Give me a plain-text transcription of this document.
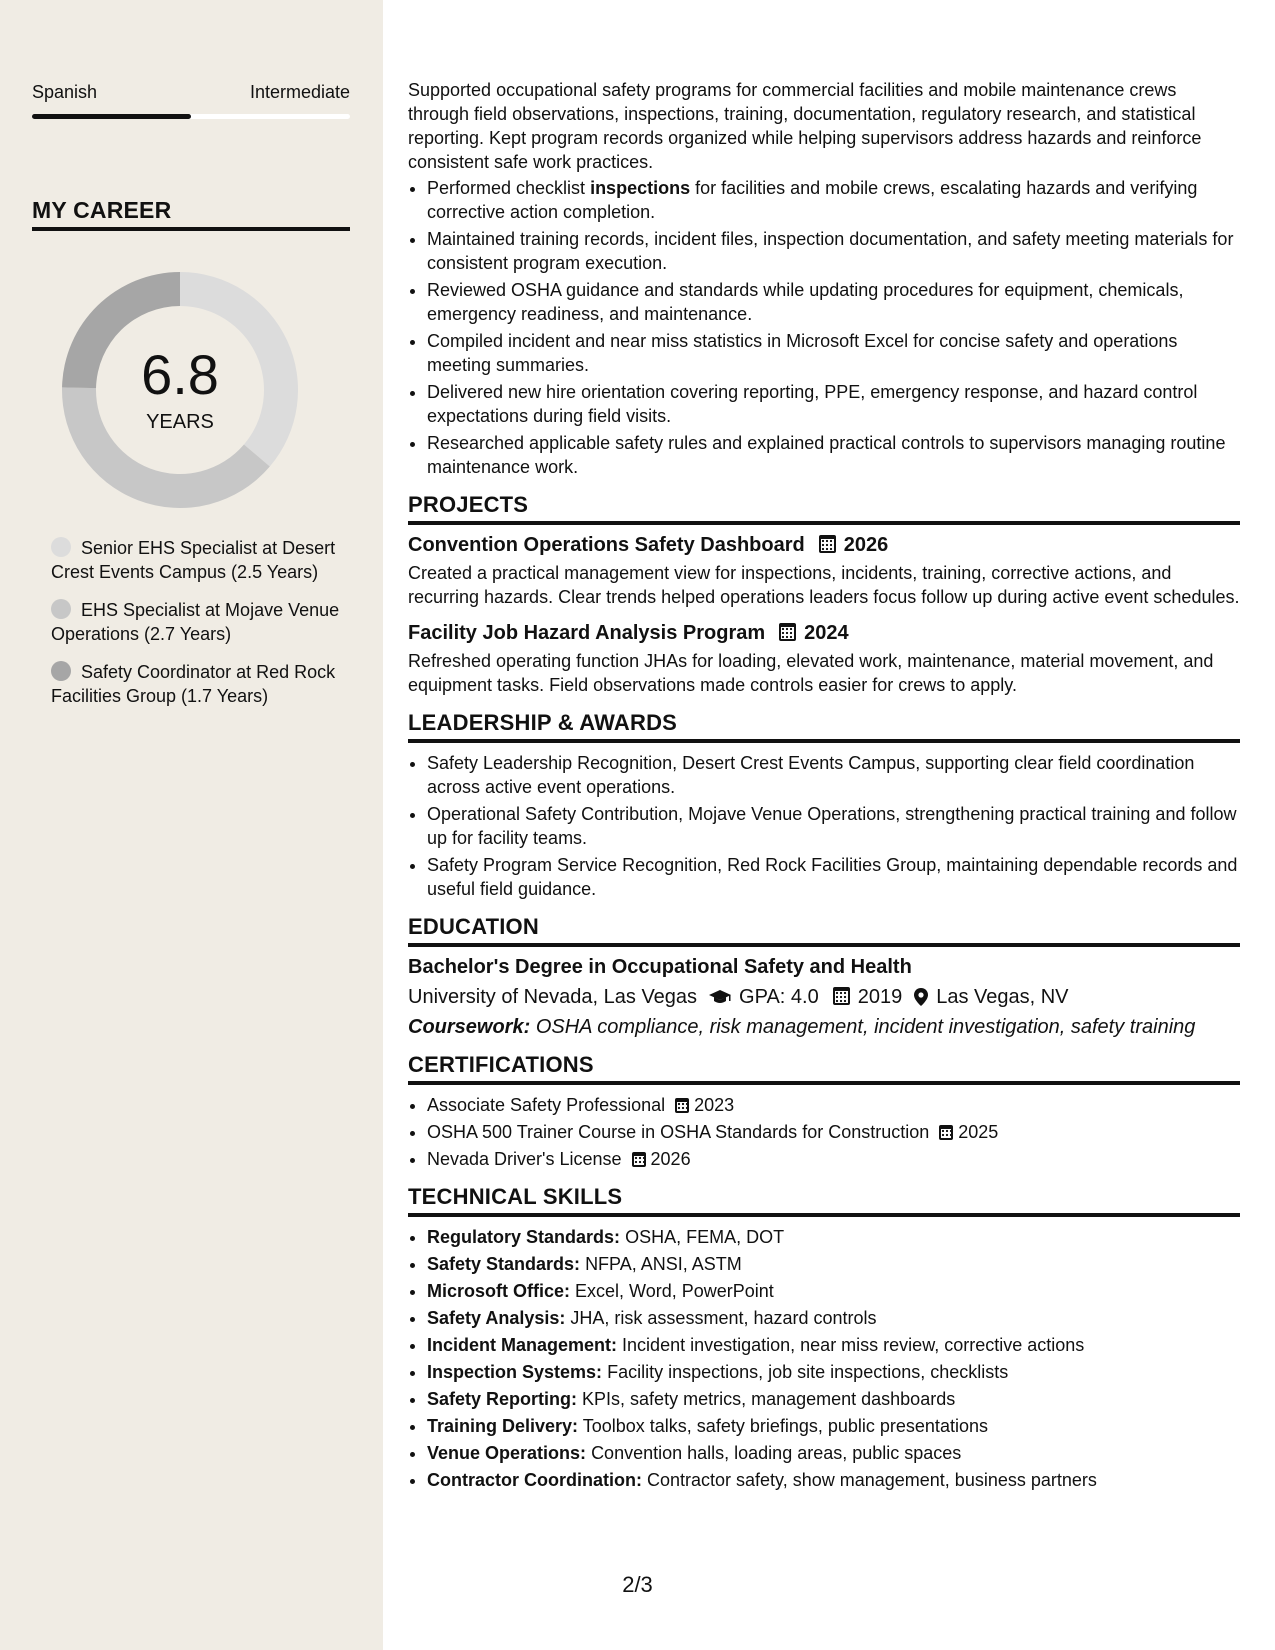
Spanish	Intermediate
MY CAREER
6.8
YEARS
Senior EHS Specialist at Desert Crest Events Campus (2.5 Years)
EHS Specialist at Mojave Venue Operations (2.7 Years)
Safety Coordinator at Red Rock Facilities Group (1.7 Years)

Supported occupational safety programs for commercial facilities and mobile maintenance crews through field observations, inspections, training, documentation, regulatory research, and statistical reporting. Kept program records organized while helping supervisors address hazards and reinforce consistent safe work practices.

• Performed checklist inspections for facilities and mobile crews, escalating hazards and verifying corrective action completion.
• Maintained training records, incident files, inspection documentation, and safety meeting materials for consistent program execution.
• Reviewed OSHA guidance and standards while updating procedures for equipment, chemicals, emergency readiness, and maintenance.
• Compiled incident and near miss statistics in Microsoft Excel for concise safety and operations meeting summaries.
• Delivered new hire orientation covering reporting, PPE, emergency response, and hazard control expectations during field visits.
• Researched applicable safety rules and explained practical controls to supervisors managing routine maintenance work.
PROJECTS
Convention Operations Safety Dashboard 2026

Created a practical management view for inspections, incidents, training, corrective actions, and recurring hazards. Clear trends helped operations leaders focus follow up during active event schedules.

Facility Job Hazard Analysis Program 2024

Refreshed operating function JHAs for loading, elevated work, maintenance, material movement, and equipment tasks. Field observations made controls easier for crews to apply.

LEADERSHIP & AWARDS
• Safety Leadership Recognition, Desert Crest Events Campus, supporting clear field coordination across active event operations.
• Operational Safety Contribution, Mojave Venue Operations, strengthening practical training and follow up for facility teams.
• Safety Program Service Recognition, Red Rock Facilities Group, maintaining dependable records and useful field guidance.
EDUCATION
Bachelor's Degree in Occupational Safety and Health
University of Nevada, Las Vegas GPA: 4.0 2019 Las Vegas, NV
Coursework: OSHA compliance, risk management, incident investigation, safety training
CERTIFICATIONS
• Associate Safety Professional 2023
• OSHA 500 Trainer Course in OSHA Standards for Construction 2025
• Nevada Driver's License 2026
TECHNICAL SKILLS
• Regulatory Standards: OSHA, FEMA, DOT
• Safety Standards: NFPA, ANSI, ASTM
• Microsoft Office: Excel, Word, PowerPoint
• Safety Analysis: JHA, risk assessment, hazard controls
• Incident Management: Incident investigation, near miss review, corrective actions
• Inspection Systems: Facility inspections, job site inspections, checklists
• Safety Reporting: KPIs, safety metrics, management dashboards
• Training Delivery: Toolbox talks, safety briefings, public presentations
• Venue Operations: Convention halls, loading areas, public spaces
• Contractor Coordination: Contractor safety, show management, business partners
2/3
